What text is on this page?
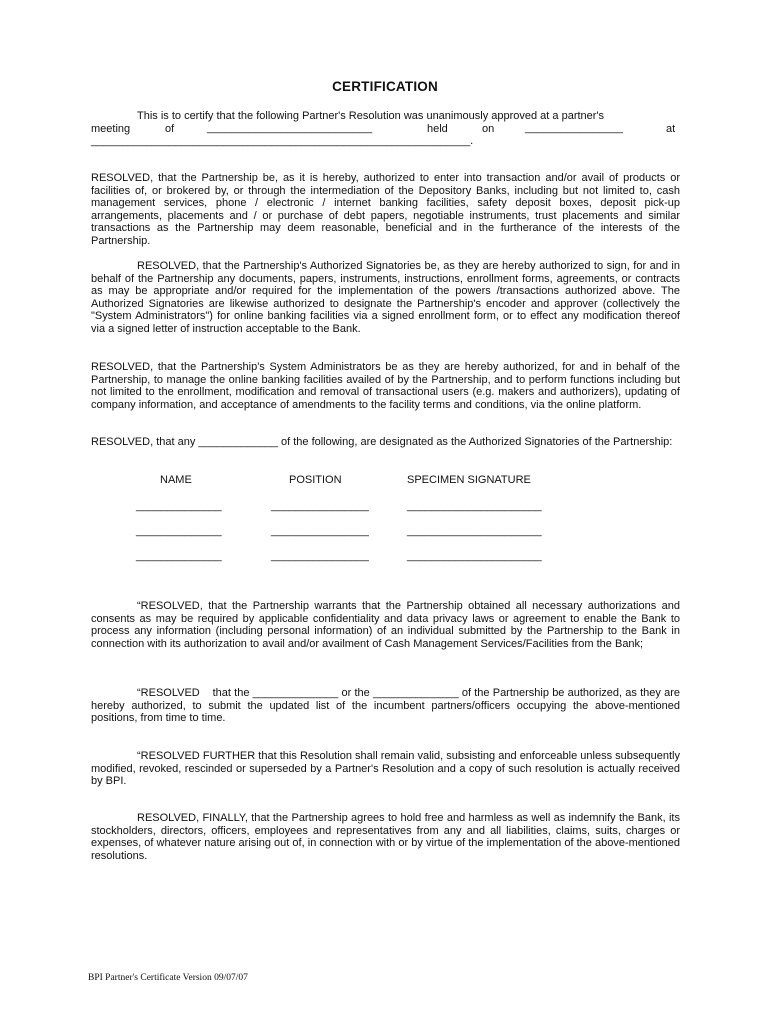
CERTIFICATION
This is to certify that the following Partner's Resolution was unanimously approved at a partner's
meeting	of	___________________________	held	on	________________	at
_______________________________________________________________.
RESOLVED, that the Partnership be, as it is hereby, authorized to enter into transaction and/or avail of products or facilities of, or brokered by, or through the intermediation of the Depository Banks, including but not limited to, cash management services, phone / electronic / internet banking facilities, safety deposit boxes, deposit pick-up arrangements, placements and / or purchase of debt papers, negotiable instruments, trust placements and similar transactions as the Partnership may deem reasonable, beneficial and in the furtherance of the interests of the Partnership.
RESOLVED, that the Partnership's Authorized Signatories be, as they are hereby authorized to sign, for and in behalf of the Partnership any documents, papers, instruments, instructions, enrollment forms, agreements, or contracts as may be appropriate and/or required for the implementation of the powers /transactions authorized above. The Authorized Signatories are likewise authorized to designate the Partnership's encoder and approver (collectively the "System Administrators") for online banking facilities via a signed enrollment form, or to effect any modification thereof via a signed letter of instruction acceptable to the Bank.
RESOLVED, that the Partnership's System Administrators be as they are hereby authorized, for and in behalf of the Partnership, to manage the online banking facilities availed of by the Partnership, and to perform functions including but not limited to the enrollment, modification and removal of transactional users (e.g. makers and authorizers), updating of company information, and acceptance of amendments to the facility terms and conditions, via the online platform.
RESOLVED, that any _____________ of the following, are designated as the Authorized Signatories of the Partnership:
NAME	POSITION	SPECIMEN SIGNATURE
______________	________________	______________________
______________	________________	______________________
______________	________________	______________________
“RESOLVED, that the Partnership warrants that the Partnership obtained all necessary authorizations and consents as may be required by applicable confidentiality and data privacy laws or agreement to enable the Bank to process any information (including personal information) of an individual submitted by the Partnership to the Bank in connection with its authorization to avail and/or availment of Cash Management Services/Facilities from the Bank;
“RESOLVED    that the ______________ or the ______________ of the Partnership be authorized, as they are hereby authorized, to submit the updated list of the incumbent partners/officers occupying the above-mentioned positions, from time to time.
“RESOLVED FURTHER that this Resolution shall remain valid, subsisting and enforceable unless subsequently modified, revoked, rescinded or superseded by a Partner's Resolution and a copy of such resolution is actually received by BPI.
RESOLVED, FINALLY, that the Partnership agrees to hold free and harmless as well as indemnify the Bank, its stockholders, directors, officers, employees and representatives from any and all liabilities, claims, suits, charges or expenses, of whatever nature arising out of, in connection with or by virtue of the implementation of the above-mentioned resolutions.
BPI Partner's Certificate Version 09/07/07
